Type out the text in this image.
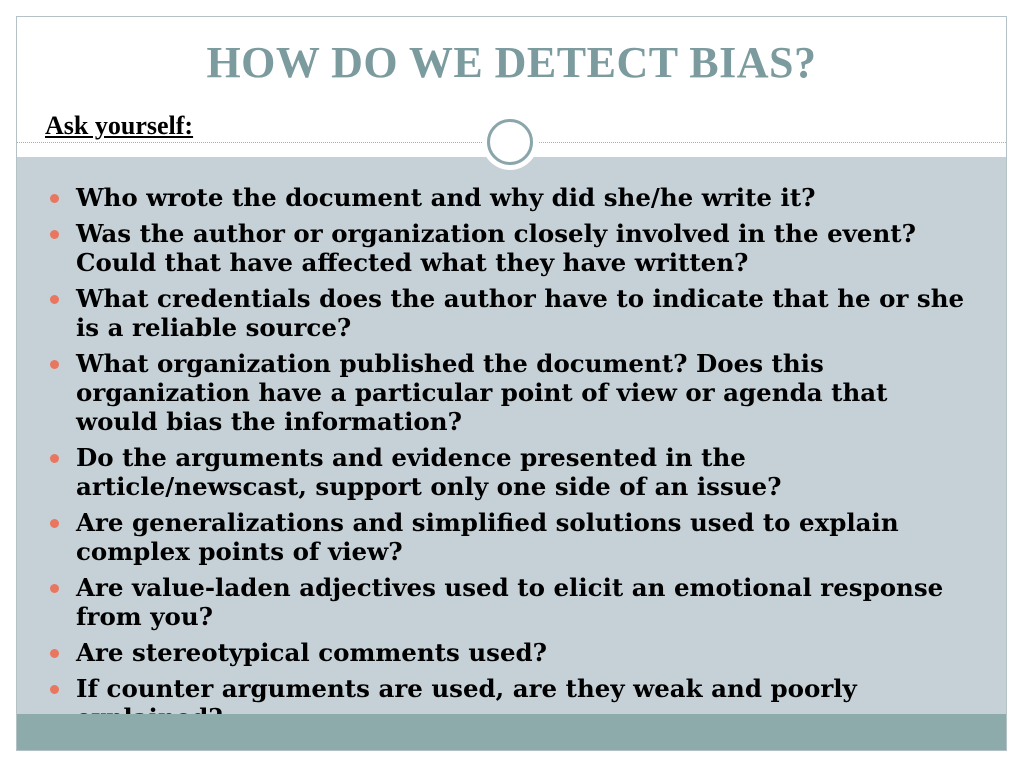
HOW DO WE DETECT BIAS?

Ask yourself:

Who wrote the document and why did she/he write it?
Was the author or organization closely involved in the event? Could that have affected what they have written?
What credentials does the author have to indicate that he or she is a reliable source?
What organization published the document? Does this organization have a particular point of view or agenda that would bias the information?
Do the arguments and evidence presented in the article/newscast, support only one side of an issue?
Are generalizations and simplified solutions used to explain complex points of view?
Are value-laden adjectives used to elicit an emotional response from you?
Are stereotypical comments used?
If counter arguments are used, are they weak and poorly
